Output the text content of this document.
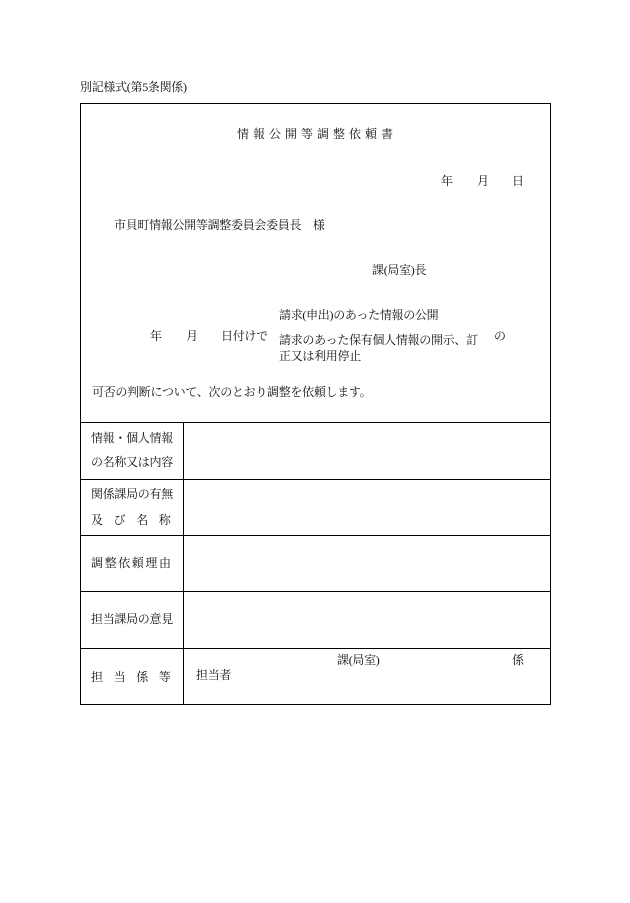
別記様式(第5条関係)
情報公開等調整依頼書
年 月 日
市貝町情報公開等調整委員会委員長　様
課(局室)長
年 月 日付けで
請求(申出)のあった情報の公開
請求のあった保有個人情報の開示、訂
正又は利用停止
の
可否の判断について、次のとおり調整を依頼します。
情報・個人情報
の名称又は内容
関係課局の有無
及び名称
調整依頼理由
担当課局の意見
担当係等
課(局室)	係
担当者
